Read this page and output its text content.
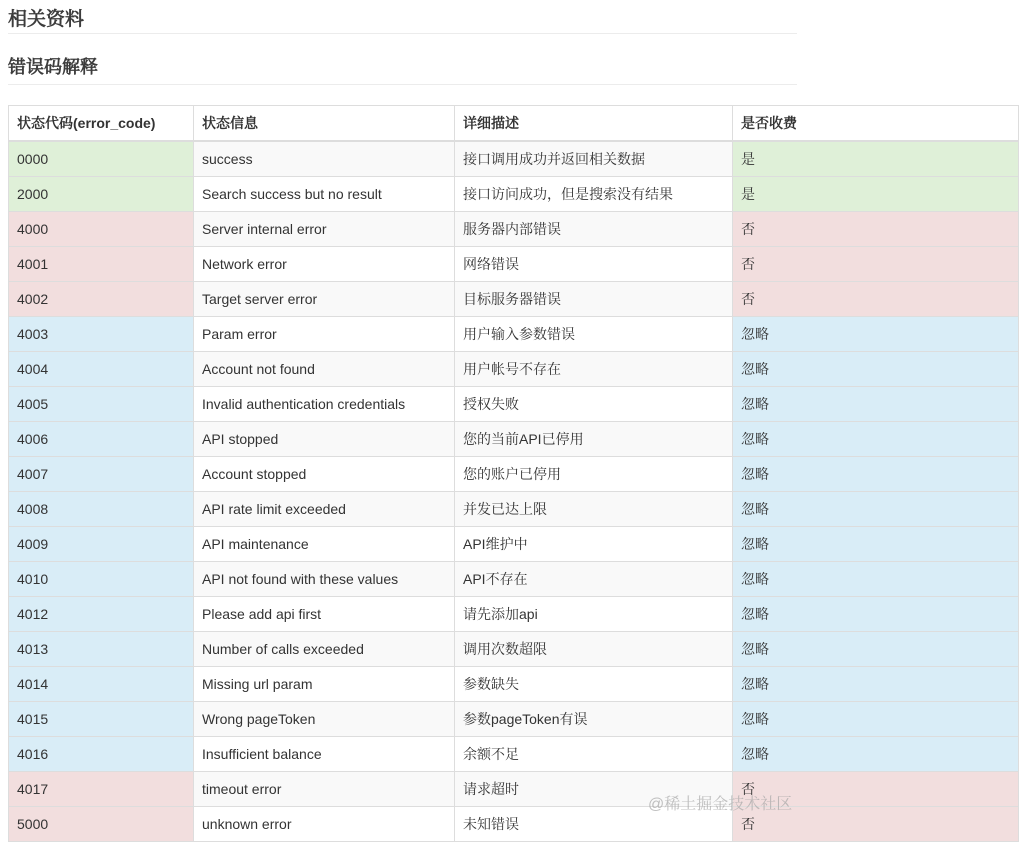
相关资料
错误码解释
状态代码(error_code)	状态信息	详细描述	是否收费
0000	success	接口调用成功并返回相关数据	是
2000	Search success but no result	接口访问成功，但是搜索没有结果	是
4000	Server internal error	服务器内部错误	否
4001	Network error	网络错误	否
4002	Target server error	目标服务器错误	否
4003	Param error	用户输入参数错误	忽略
4004	Account not found	用户帐号不存在	忽略
4005	Invalid authentication credentials	授权失败	忽略
4006	API stopped	您的当前API已停用	忽略
4007	Account stopped	您的账户已停用	忽略
4008	API rate limit exceeded	并发已达上限	忽略
4009	API maintenance	API维护中	忽略
4010	API not found with these values	API不存在	忽略
4012	Please add api first	请先添加api	忽略
4013	Number of calls exceeded	调用次数超限	忽略
4014	Missing url param	参数缺失	忽略
4015	Wrong pageToken	参数pageToken有误	忽略
4016	Insufficient balance	余额不足	忽略
4017	timeout error	请求超时	否
5000	unknown error	未知错误	否
@稀土掘金技术社区
